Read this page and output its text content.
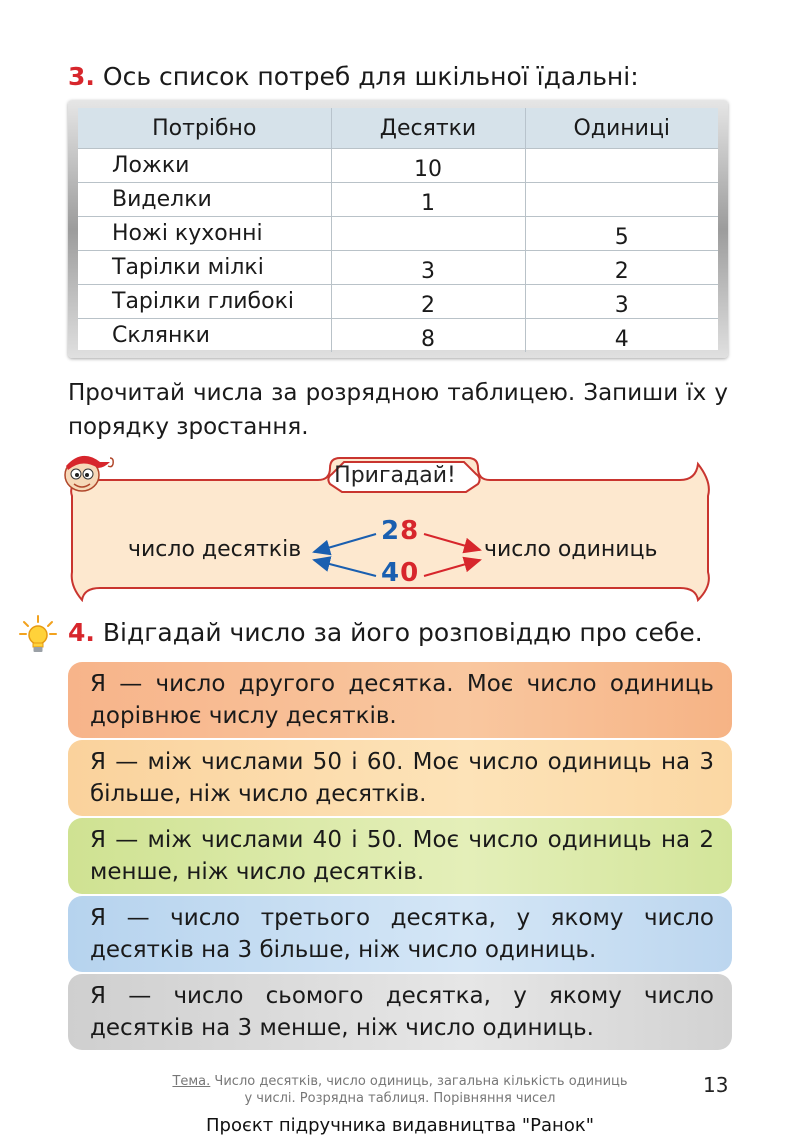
3. Ось список потреб для шкільної їдальні:
Потрібно	Десятки	Одиниці
Ложки	10	
Виделки	1	
Ножі кухонні		5
Тарілки мілкі	3	2
Тарілки глибокі	2	3
Склянки	8	4
Прочитай числа за розрядною таблицею. Запиши їх у порядку зростання.
Пригадай!
число десятків	число одиниць
28
40
4. Відгадай число за його розповіддю про себе.
Я — число другого десятка. Моє число одиниць дорівнює числу десятків.
Я — між числами 50 і 60. Моє число одиниць на 3 більше, ніж число десятків.
Я — між числами 40 і 50. Моє число одиниць на 2 менше, ніж число десятків.
Я — число третього десятка, у якому число десятків на 3 більше, ніж число одиниць.
Я — число сьомого десятка, у якому число десятків на 3 менше, ніж число одиниць.
Тема. Число десятків, число одиниць, загальна кількість одиниць
у числі. Розрядна таблиця. Порівняння чисел
13
Проєкт підручника видавництва "Ранок"
